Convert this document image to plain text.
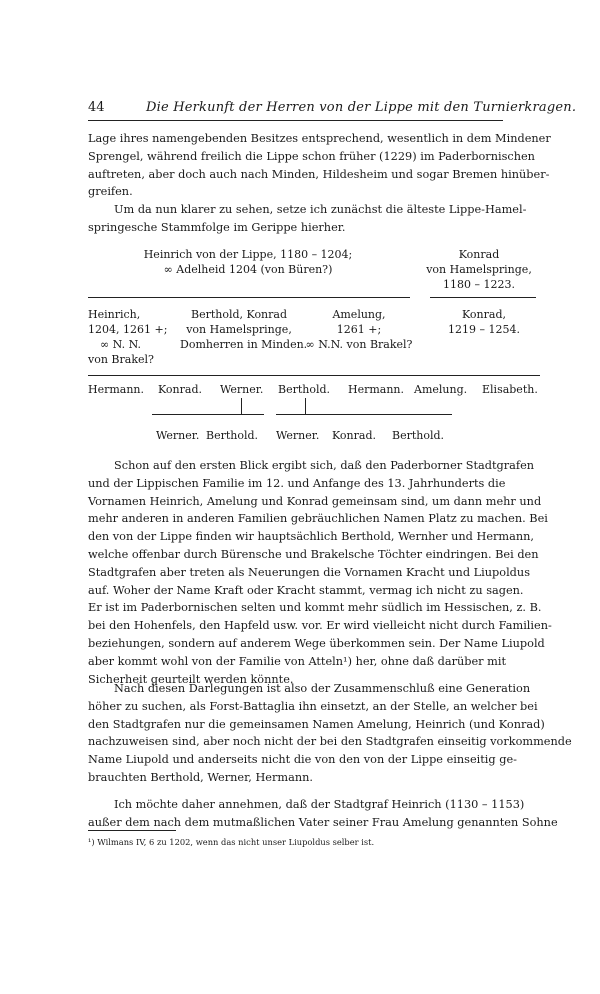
44	Die Herkunft der Herren von der Lippe mit den Turnierkragen.
Lage ihres namengebenden Besitzes entsprechend, wesentlich in dem Mindener
Sprengel, während freilich die Lippe schon früher (1229) im Paderbornischen
auftreten, aber doch auch nach Minden, Hildesheim und sogar Bremen hinüber-
greifen.
Um da nun klarer zu sehen, setze ich zunächst die älteste Lippe-Hamel-
springesche Stammfolge im Gerippe hierher.
Heinrich von der Lippe, 1180 – 1204;
∞ Adelheid 1204 (von Büren?)
Konrad
von Hamelspringe,
1180 – 1223.
Heinrich,
1204, 1261 +;
∞ N. N.
von Brakel?
Berthold, Konrad
von Hamelspringe,
Domherren in Minden.
Amelung,
1261 +;
∞ N.N. von Brakel?
Konrad,
1219 – 1254.
Hermann. Konrad. Werner. Berthold. Hermann. Amelung. Elisabeth.
Werner. Berthold. Werner. Konrad. Berthold.
Schon auf den ersten Blick ergibt sich, daß den Paderborner Stadtgrafen
und der Lippischen Familie im 12. und Anfange des 13. Jahrhunderts die
Vornamen Heinrich, Amelung und Konrad gemeinsam sind, um dann mehr und
mehr anderen in anderen Familien gebräuchlichen Namen Platz zu machen. Bei
den von der Lippe finden wir hauptsächlich Berthold, Wernher und Hermann,
welche offenbar durch Bürensche und Brakelsche Töchter eindringen. Bei den
Stadtgrafen aber treten als Neuerungen die Vornamen Kracht und Liupoldus
auf. Woher der Name Kraft oder Kracht stammt, vermag ich nicht zu sagen.
Er ist im Paderbornischen selten und kommt mehr südlich im Hessischen, z. B.
bei den Hohenfels, den Hapfeld usw. vor. Er wird vielleicht nicht durch Familien-
beziehungen, sondern auf anderem Wege überkommen sein. Der Name Liupold
aber kommt wohl von der Familie von Atteln¹) her, ohne daß darüber mit
Sicherheit geurteilt werden könnte.
Nach diesen Darlegungen ist also der Zusammenschluß eine Generation
höher zu suchen, als Forst-Battaglia ihn einsetzt, an der Stelle, an welcher bei
den Stadtgrafen nur die gemeinsamen Namen Amelung, Heinrich (und Konrad)
nachzuweisen sind, aber noch nicht der bei den Stadtgrafen einseitig vorkommende
Name Liupold und anderseits nicht die von den von der Lippe einseitig ge-
brauchten Berthold, Werner, Hermann.
Ich möchte daher annehmen, daß der Stadtgraf Heinrich (1130 – 1153)
außer dem nach dem mutmaßlichen Vater seiner Frau Amelung genannten Sohne
¹) Wilmans IV, 6 zu 1202, wenn das nicht unser Liupoldus selber ist.
